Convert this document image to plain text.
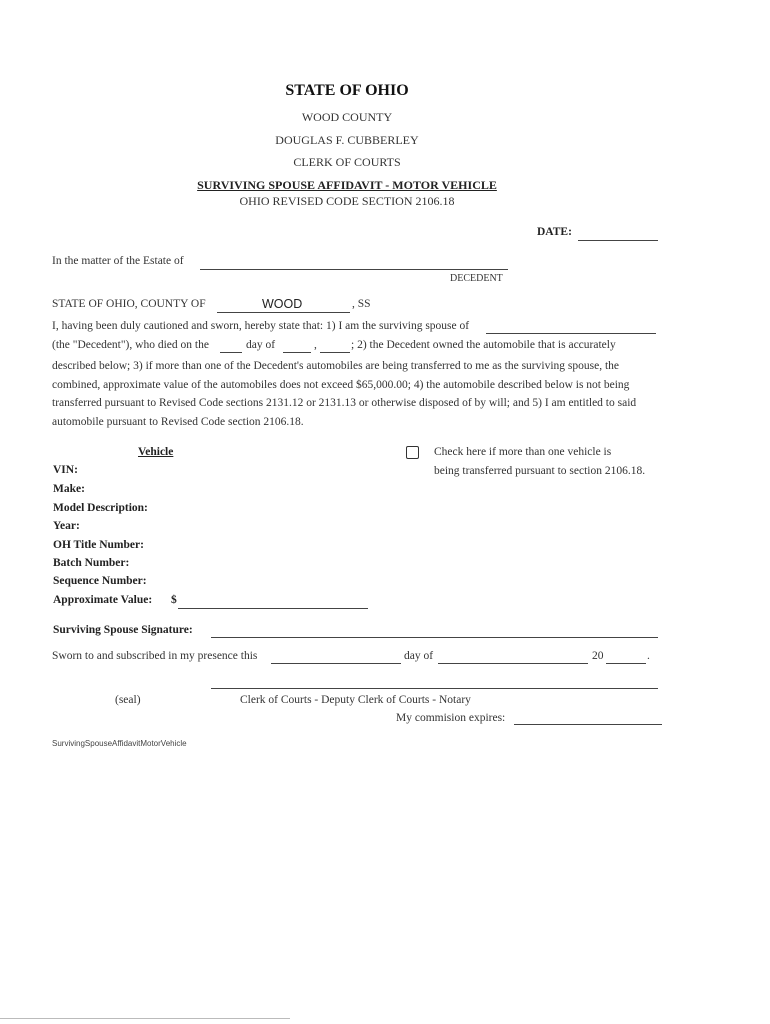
STATE OF OHIO
WOOD COUNTY
DOUGLAS F. CUBBERLEY
CLERK OF COURTS
SURVIVING SPOUSE AFFIDAVIT - MOTOR VEHICLE
OHIO REVISED CODE SECTION 2106.18
DATE:
In the matter of the Estate of
DECEDENT
STATE OF OHIO, COUNTY OF	WOOD	, SS
I, having been duly cautioned and sworn, hereby state that: 1) I am the surviving spouse of
(the "Decedent"), who died on the	day of	,	; 2) the Decedent owned the automobile that is accurately
described below; 3) if more than one of the Decedent's automobiles are being transferred to me as the surviving spouse, the combined, approximate value of the automobiles does not exceed $65,000.00; 4) the automobile described below is not being transferred pursuant to Revised Code sections 2131.12 or 2131.13 or otherwise disposed of by will; and 5) I am entitled to said automobile pursuant to Revised Code section 2106.18.
Vehicle	Check here if more than one vehicle is
being transferred pursuant to section 2106.18.
VIN:
Make:
Model Description:
Year:
OH Title Number:
Batch Number:
Sequence Number:
Approximate Value: $
Surviving Spouse Signature:
Sworn to and subscribed in my presence this	day of	20	.
(seal)	Clerk of Courts - Deputy Clerk of Courts - Notary
My commision expires:
SurvivingSpouseAffidavitMotorVehicle
